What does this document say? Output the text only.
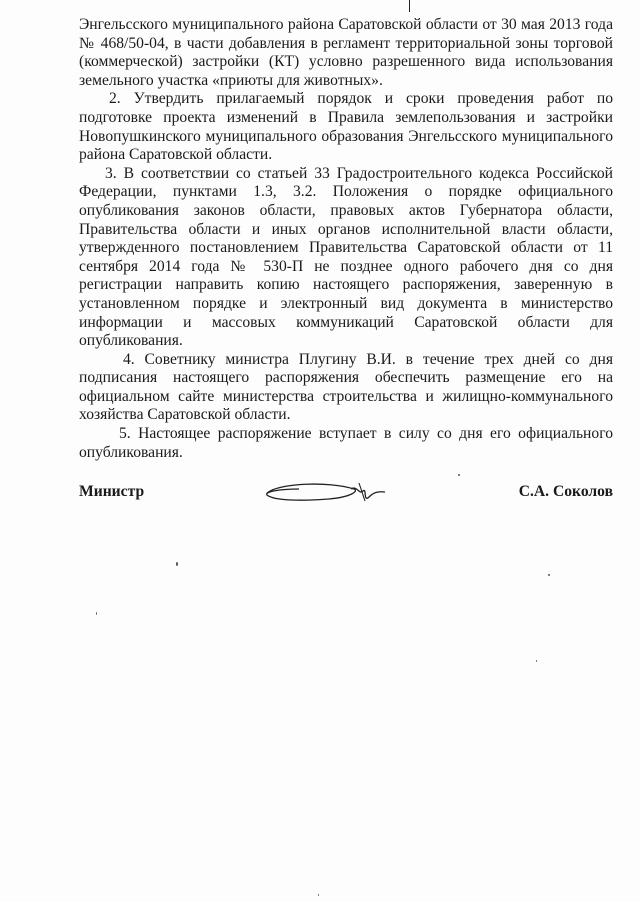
Энгельсского муниципального района Саратовской области от 30 мая 2013 года № 468/50-04, в части добавления в регламент территориальной зоны торговой (коммерческой) застройки (КТ) условно разрешенного вида использования земельного участка «приюты для животных».

2. Утвердить прилагаемый порядок и сроки проведения работ по подготовке проекта изменений в Правила землепользования и застройки Новопушкинского муниципального образования Энгельсского муниципального района Саратовской области.

3. В соответствии со статьей 33 Градостроительного кодекса Российской Федерации, пунктами 1.3, 3.2. Положения о порядке официального опубликования законов области, правовых актов Губернатора области, Правительства области и иных органов исполнительной власти области, утвержденного постановлением Правительства Саратовской области от 11 сентября 2014 года № 530-П не позднее одного рабочего дня со дня регистрации направить копию настоящего распоряжения, заверенную в установленном порядке и электронный вид документа в министерство информации и массовых коммуникаций Саратовской области для опубликования.

4. Советнику министра Плугину В.И. в течение трех дней со дня подписания настоящего распоряжения обеспечить размещение его на официальном сайте министерства строительства и жилищно-коммунального хозяйства Саратовской области.

5. Настоящее распоряжение вступает в силу со дня его официального опубликования.

Министр	С.А. Соколов
